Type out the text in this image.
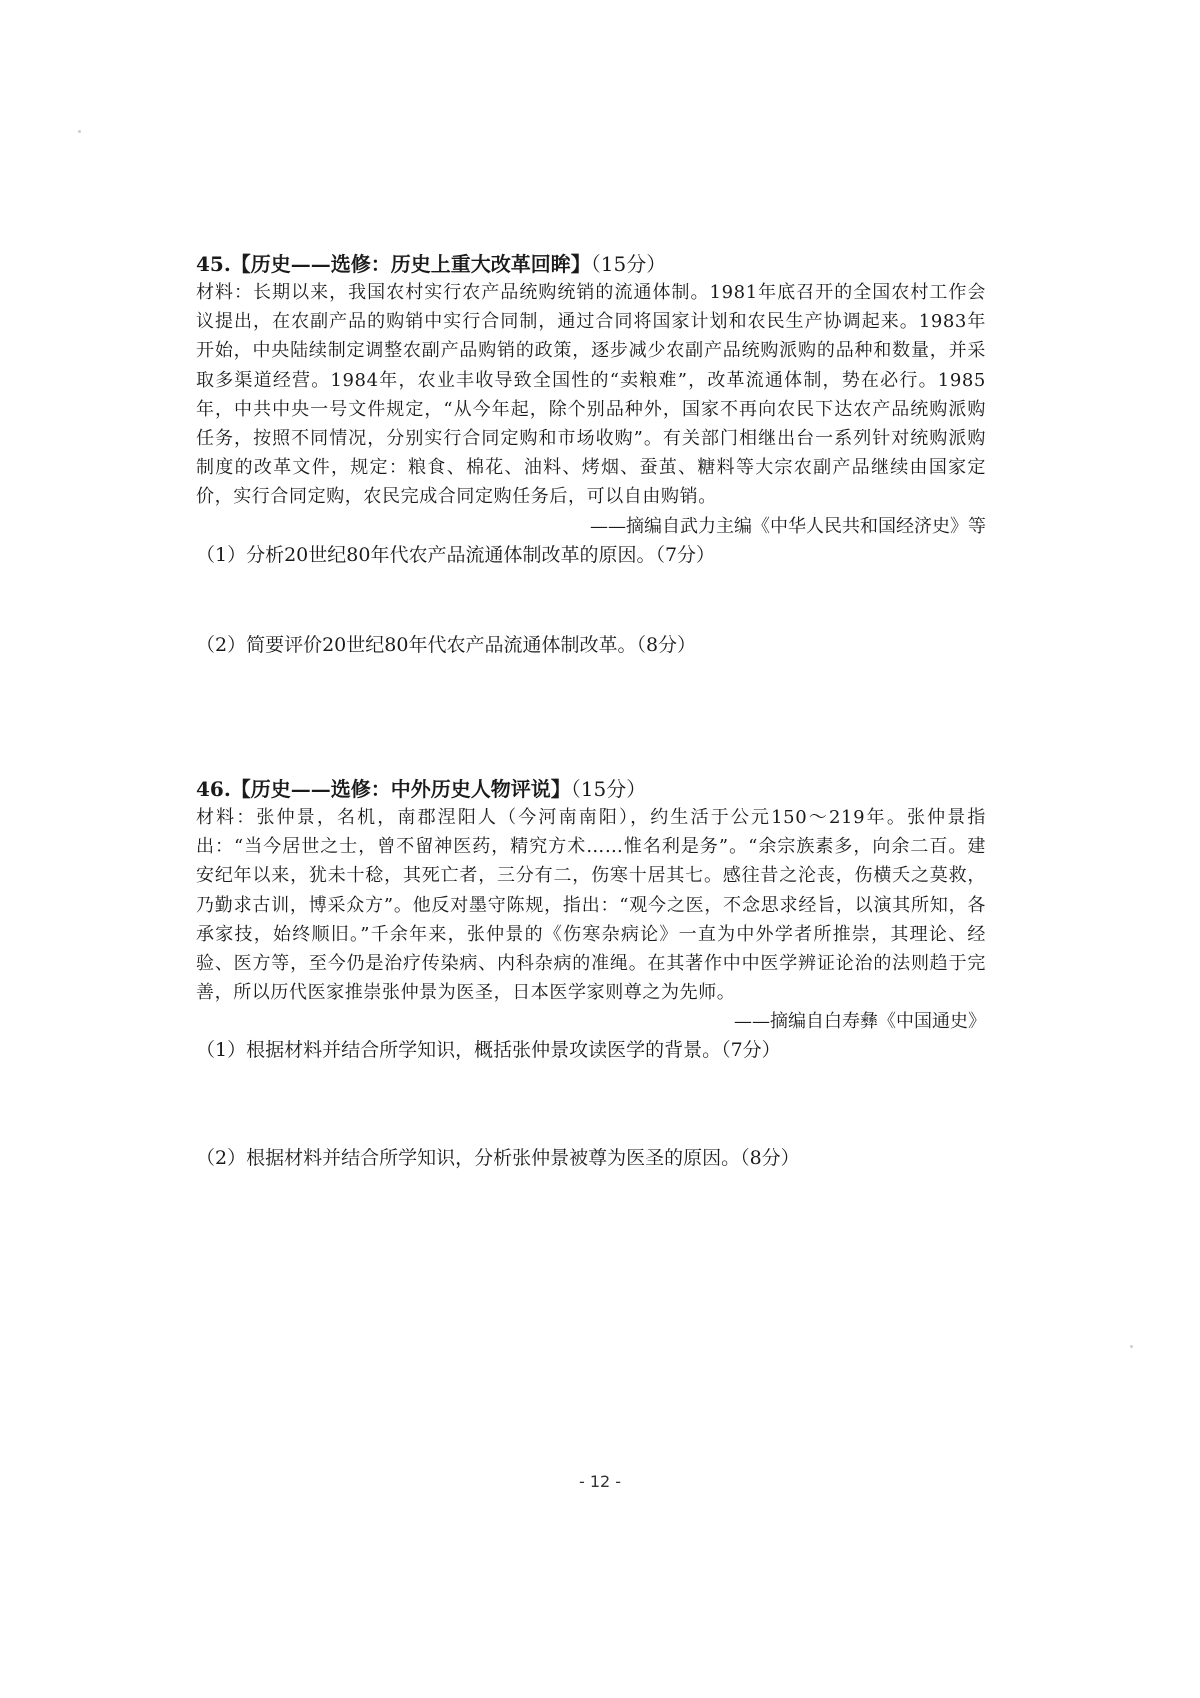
45.【历史——选修：历史上重大改革回眸】（15分）

材料：长期以来，我国农村实行农产品统购统销的流通体制。1981年底召开的全国农村工作会议提出，在农副产品的购销中实行合同制，通过合同将国家计划和农民生产协调起来。1983年开始，中央陆续制定调整农副产品购销的政策，逐步减少农副产品统购派购的品种和数量，并采取多渠道经营。1984年，农业丰收导致全国性的“卖粮难”，改革流通体制，势在必行。1985年，中共中央一号文件规定，“从今年起，除个别品种外，国家不再向农民下达农产品统购派购任务，按照不同情况，分别实行合同定购和市场收购”。有关部门相继出台一系列针对统购派购制度的改革文件，规定：粮食、棉花、油料、烤烟、蚕茧、糖料等大宗农副产品继续由国家定价，实行合同定购，农民完成合同定购任务后，可以自由购销。

——摘编自武力主编《中华人民共和国经济史》等

（1）分析20世纪80年代农产品流通体制改革的原因。（7分）

（2）简要评价20世纪80年代农产品流通体制改革。（8分）

46.【历史——选修：中外历史人物评说】（15分）

材料：张仲景，名机，南郡涅阳人（今河南南阳），约生活于公元150～219年。张仲景指出：“当今居世之士，曾不留神医药，精究方术……惟名利是务”。“余宗族素多，向余二百。建安纪年以来，犹未十稔，其死亡者，三分有二，伤寒十居其七。感往昔之沦丧，伤横夭之莫救，乃勤求古训，博采众方”。他反对墨守陈规，指出：“观今之医，不念思求经旨，以演其所知，各承家技，始终顺旧。”千余年来，张仲景的《伤寒杂病论》一直为中外学者所推崇，其理论、经验、医方等，至今仍是治疗传染病、内科杂病的准绳。在其著作中中医学辨证论治的法则趋于完善，所以历代医家推崇张仲景为医圣，日本医学家则尊之为先师。

——摘编自白寿彝《中国通史》

（1）根据材料并结合所学知识，概括张仲景攻读医学的背景。（7分）

（2）根据材料并结合所学知识，分析张仲景被尊为医圣的原因。（8分）

- 12 -
